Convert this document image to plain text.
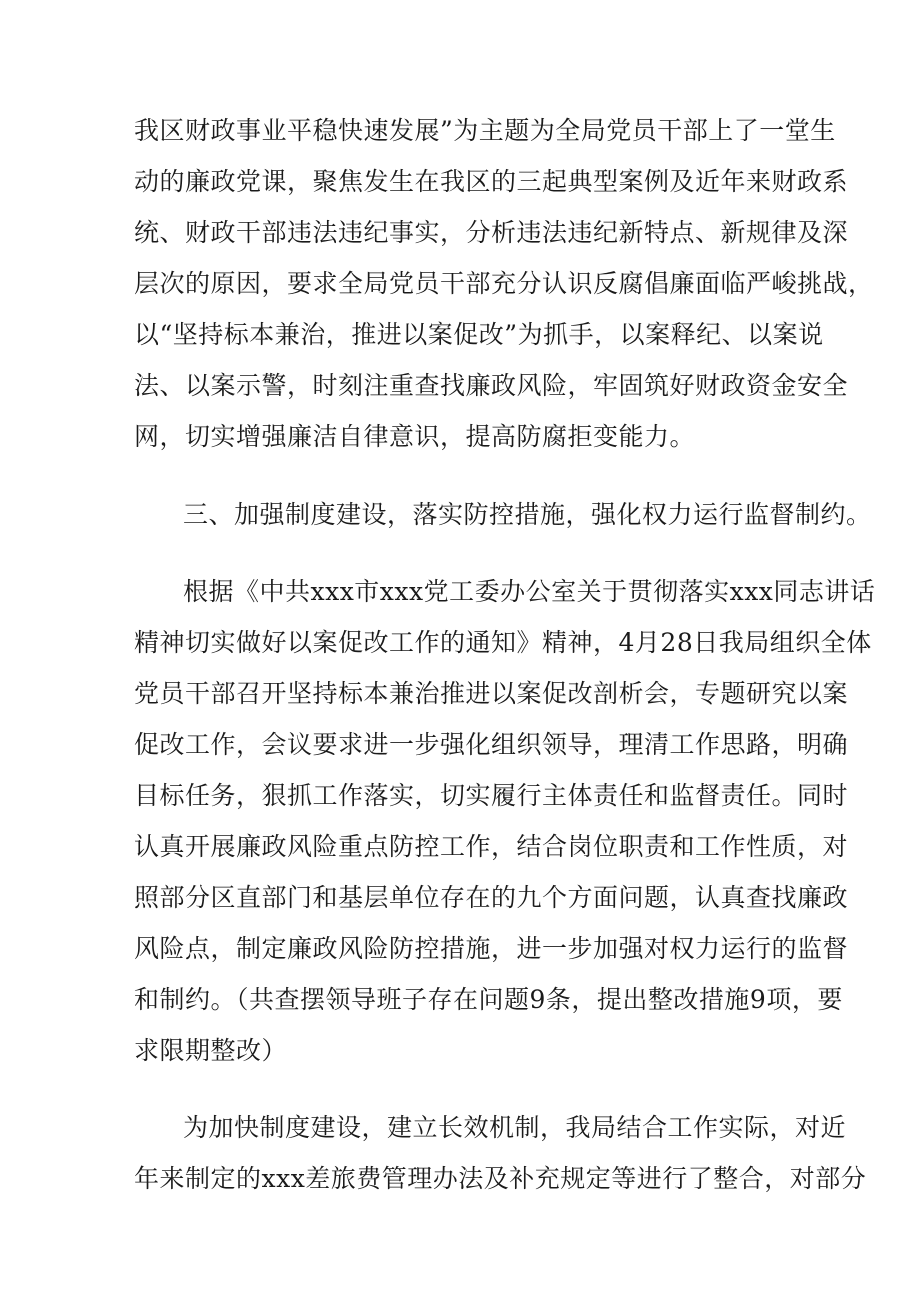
我区财政事业平稳快速发展”为主题为全局党员干部上了一堂生
动的廉政党课，聚焦发生在我区的三起典型案例及近年来财政系
统、财政干部违法违纪事实，分析违法违纪新特点、新规律及深
层次的原因，要求全局党员干部充分认识反腐倡廉面临严峻挑战，
以“坚持标本兼治，推进以案促改”为抓手，以案释纪、以案说
法、以案示警，时刻注重查找廉政风险，牢固筑好财政资金安全
网，切实增强廉洁自律意识，提高防腐拒变能力。
三、加强制度建设，落实防控措施，强化权力运行监督制约。
根据《中共xxx市xxx党工委办公室关于贯彻落实xxx同志讲话
精神切实做好以案促改工作的通知》精神，4月28日我局组织全体
党员干部召开坚持标本兼治推进以案促改剖析会，专题研究以案
促改工作，会议要求进一步强化组织领导，理清工作思路，明确
目标任务，狠抓工作落实，切实履行主体责任和监督责任。同时
认真开展廉政风险重点防控工作，结合岗位职责和工作性质，对
照部分区直部门和基层单位存在的九个方面问题，认真查找廉政
风险点，制定廉政风险防控措施，进一步加强对权力运行的监督
和制约。（共查摆领导班子存在问题9条，提出整改措施9项，要
求限期整改）
为加快制度建设，建立长效机制，我局结合工作实际，对近
年来制定的xxx差旅费管理办法及补充规定等进行了整合，对部分
